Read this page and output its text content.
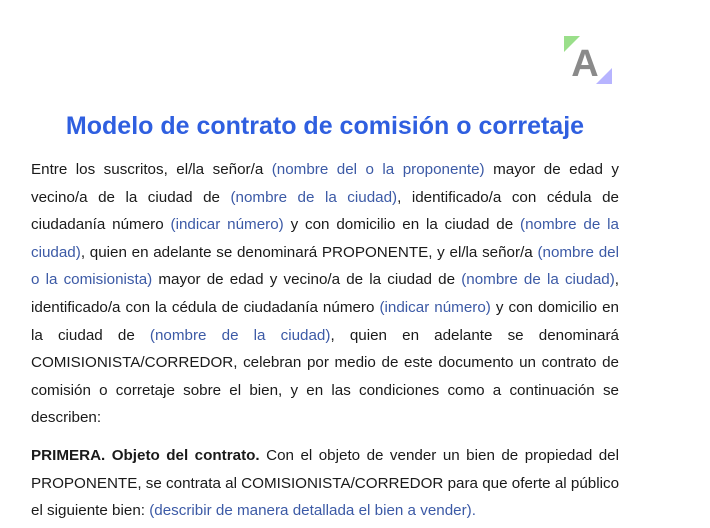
A
Modelo de contrato de comisión o corretaje

Entre los suscritos, el/la señor/a (nombre del o la proponente) mayor de edad y vecino/a de la ciudad de (nombre de la ciudad), identificado/a con cédula de ciudadanía número (indicar número) y con domicilio en la ciudad de (nombre de la ciudad), quien en adelante se denominará PROPONENTE, y el/la señor/a (nombre del o la comisionista) mayor de edad y vecino/a de la ciudad de (nombre de la ciudad), identificado/a con la cédula de ciudadanía número (indicar número) y con domicilio en la ciudad de (nombre de la ciudad), quien en adelante se denominará COMISIONISTA/CORREDOR, celebran por medio de este documento un contrato de comisión o corretaje sobre el bien, y en las condiciones como a continuación se describen:

PRIMERA. Objeto del contrato. Con el objeto de vender un bien de propiedad del PROPONENTE, se contrata al COMISIONISTA/CORREDOR para que oferte al público el siguiente bien: (describir de manera detallada el bien a vender).
